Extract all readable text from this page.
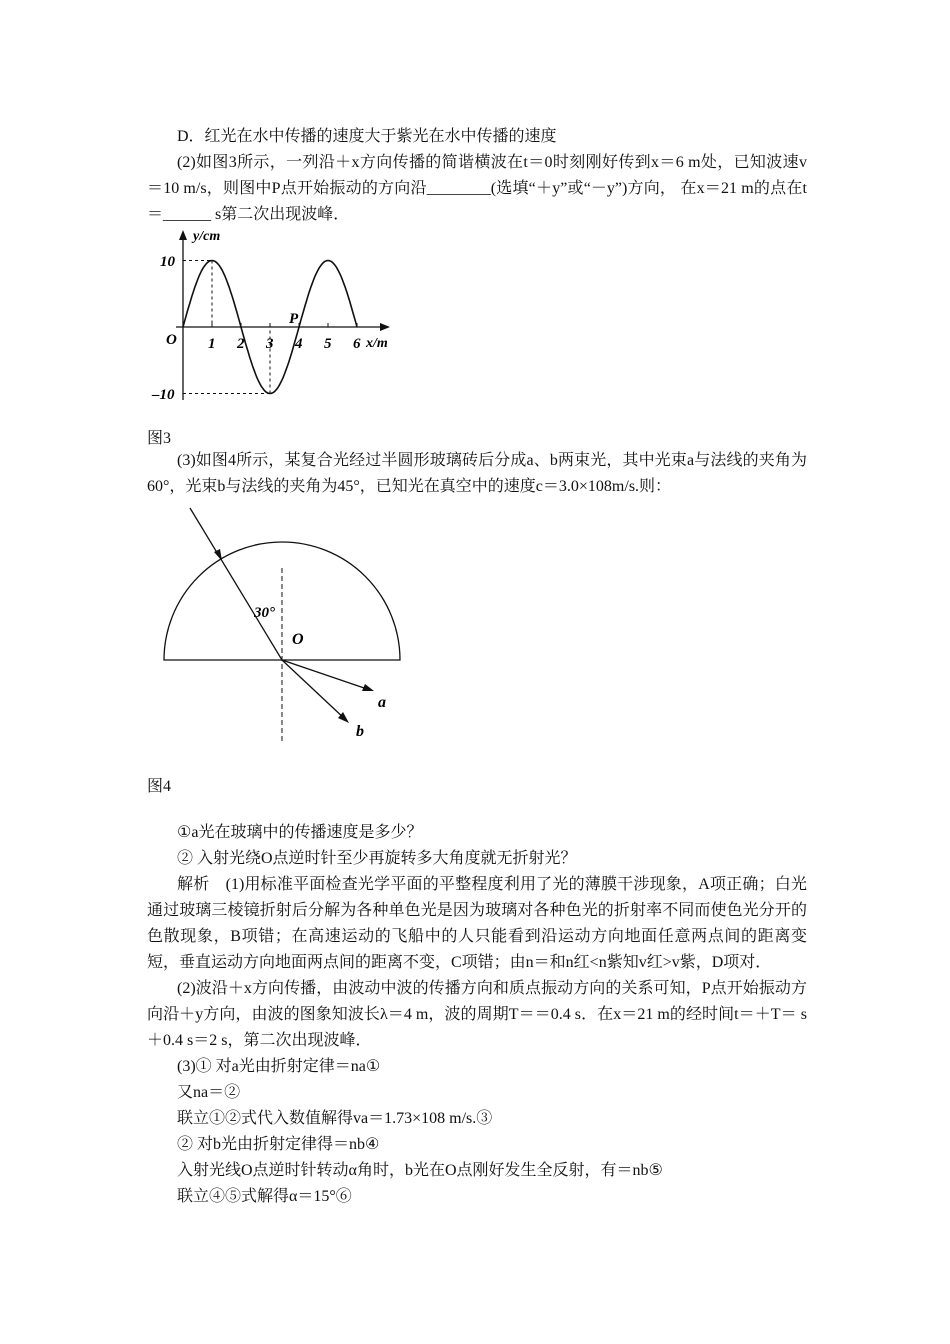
D．红光在水中传播的速度大于紫光在水中传播的速度

(2)如图3所示，一列沿＋x方向传播的简谐横波在t＝0时刻刚好传到x＝6 m处，已知波速v＝10 m/s，则图中P点开始振动的方向沿________(选填“＋y”或“－y”)方向， 在x＝21 m的点在t＝______ s第二次出现波峰．

y/cm
x/m
O
P
10
–10
1 2 3 4 5 6
图3

(3)如图4所示，某复合光经过半圆形玻璃砖后分成a、b两束光，其中光束a与法线的夹角为60°，光束b与法线的夹角为45°，已知光在真空中的速度c＝3.0×108m/s.则：

30°
O
a
b
图4

①a光在玻璃中的传播速度是多少？

② 入射光绕O点逆时针至少再旋转多大角度就无折射光？

解析　(1)用标准平面检查光学平面的平整程度利用了光的薄膜干涉现象，A项正确；白光通过玻璃三棱镜折射后分解为各种单色光是因为玻璃对各种色光的折射率不同而使色光分开的色散现象，B项错；在高速运动的飞船中的人只能看到沿运动方向地面任意两点间的距离变短，垂直运动方向地面两点间的距离不变，C项错；由n＝和n红<n紫知v红>v紫，D项对．

(2)波沿＋x方向传播，由波动中波的传播方向和质点振动方向的关系可知，P点开始振动方向沿＋y方向，由波的图象知波长λ＝4 m，波的周期T＝＝0.4 s．在x＝21 m的经时间t＝＋T＝ s＋0.4 s＝2 s，第二次出现波峰．

(3)① 对a光由折射定律＝na①

又na＝②

联立①②式代入数值解得va＝1.73×108 m/s.③

② 对b光由折射定律得＝nb④

入射光线O点逆时针转动α角时，b光在O点刚好发生全反射，有＝nb⑤

联立④⑤式解得α＝15°⑥
